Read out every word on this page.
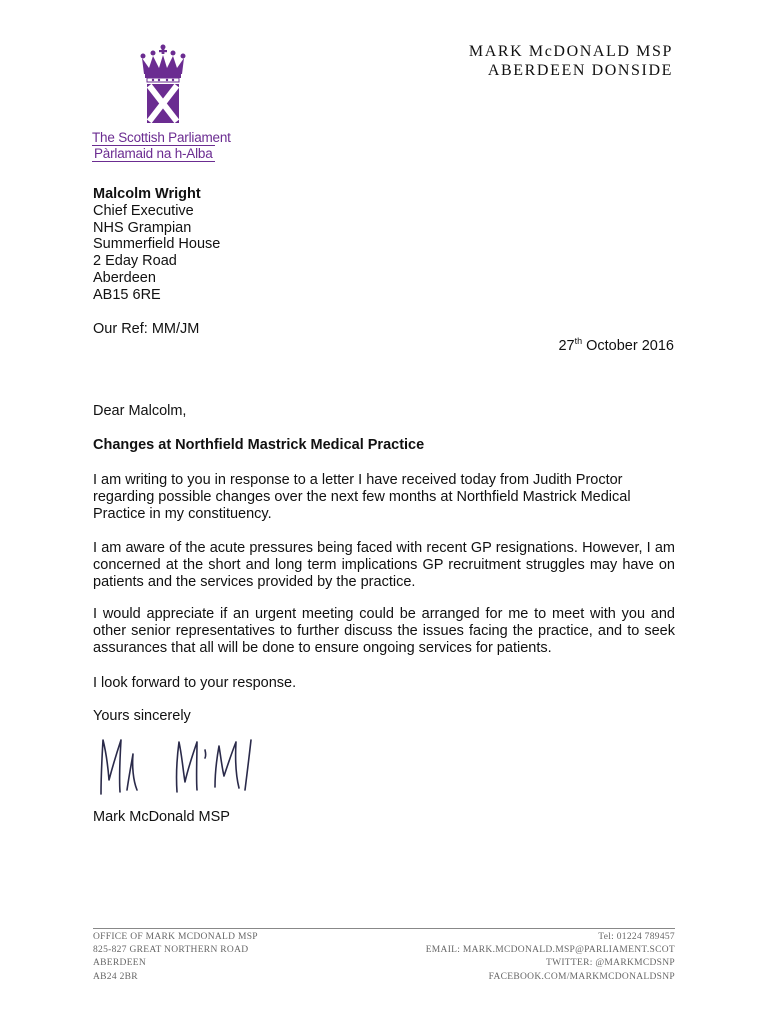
The Scottish Parliament
Pàrlamaid na h-Alba
MARK McDONALD MSP
ABERDEEN DONSIDE
Malcolm Wright
Chief Executive
NHS Grampian
Summerfield House
2 Eday Road
Aberdeen
AB15 6RE
Our Ref: MM/JM
27th October 2016
Dear Malcolm,
Changes at Northfield Mastrick Medical Practice
I am writing to you in response to a letter I have received today from Judith Proctor regarding possible changes over the next few months at Northfield Mastrick Medical Practice in my constituency.
I am aware of the acute pressures being faced with recent GP resignations. However, I am concerned at the short and long term implications GP recruitment struggles may have on patients and the services provided by the practice.
I would appreciate if an urgent meeting could be arranged for me to meet with you and other senior representatives to further discuss the issues facing the practice, and to seek assurances that all will be done to ensure ongoing services for patients.
I look forward to your response.
Yours sincerely
Mark McDonald MSP
OFFICE OF MARK MCDONALD MSP
825-827 GREAT NORTHERN ROAD
ABERDEEN
AB24 2BR
Tel: 01224 789457
EMAIL: MARK.MCDONALD.MSP@PARLIAMENT.SCOT
TWITTER: @MARKMCDSNP
FACEBOOK.COM/MARKMCDONALDSNP
